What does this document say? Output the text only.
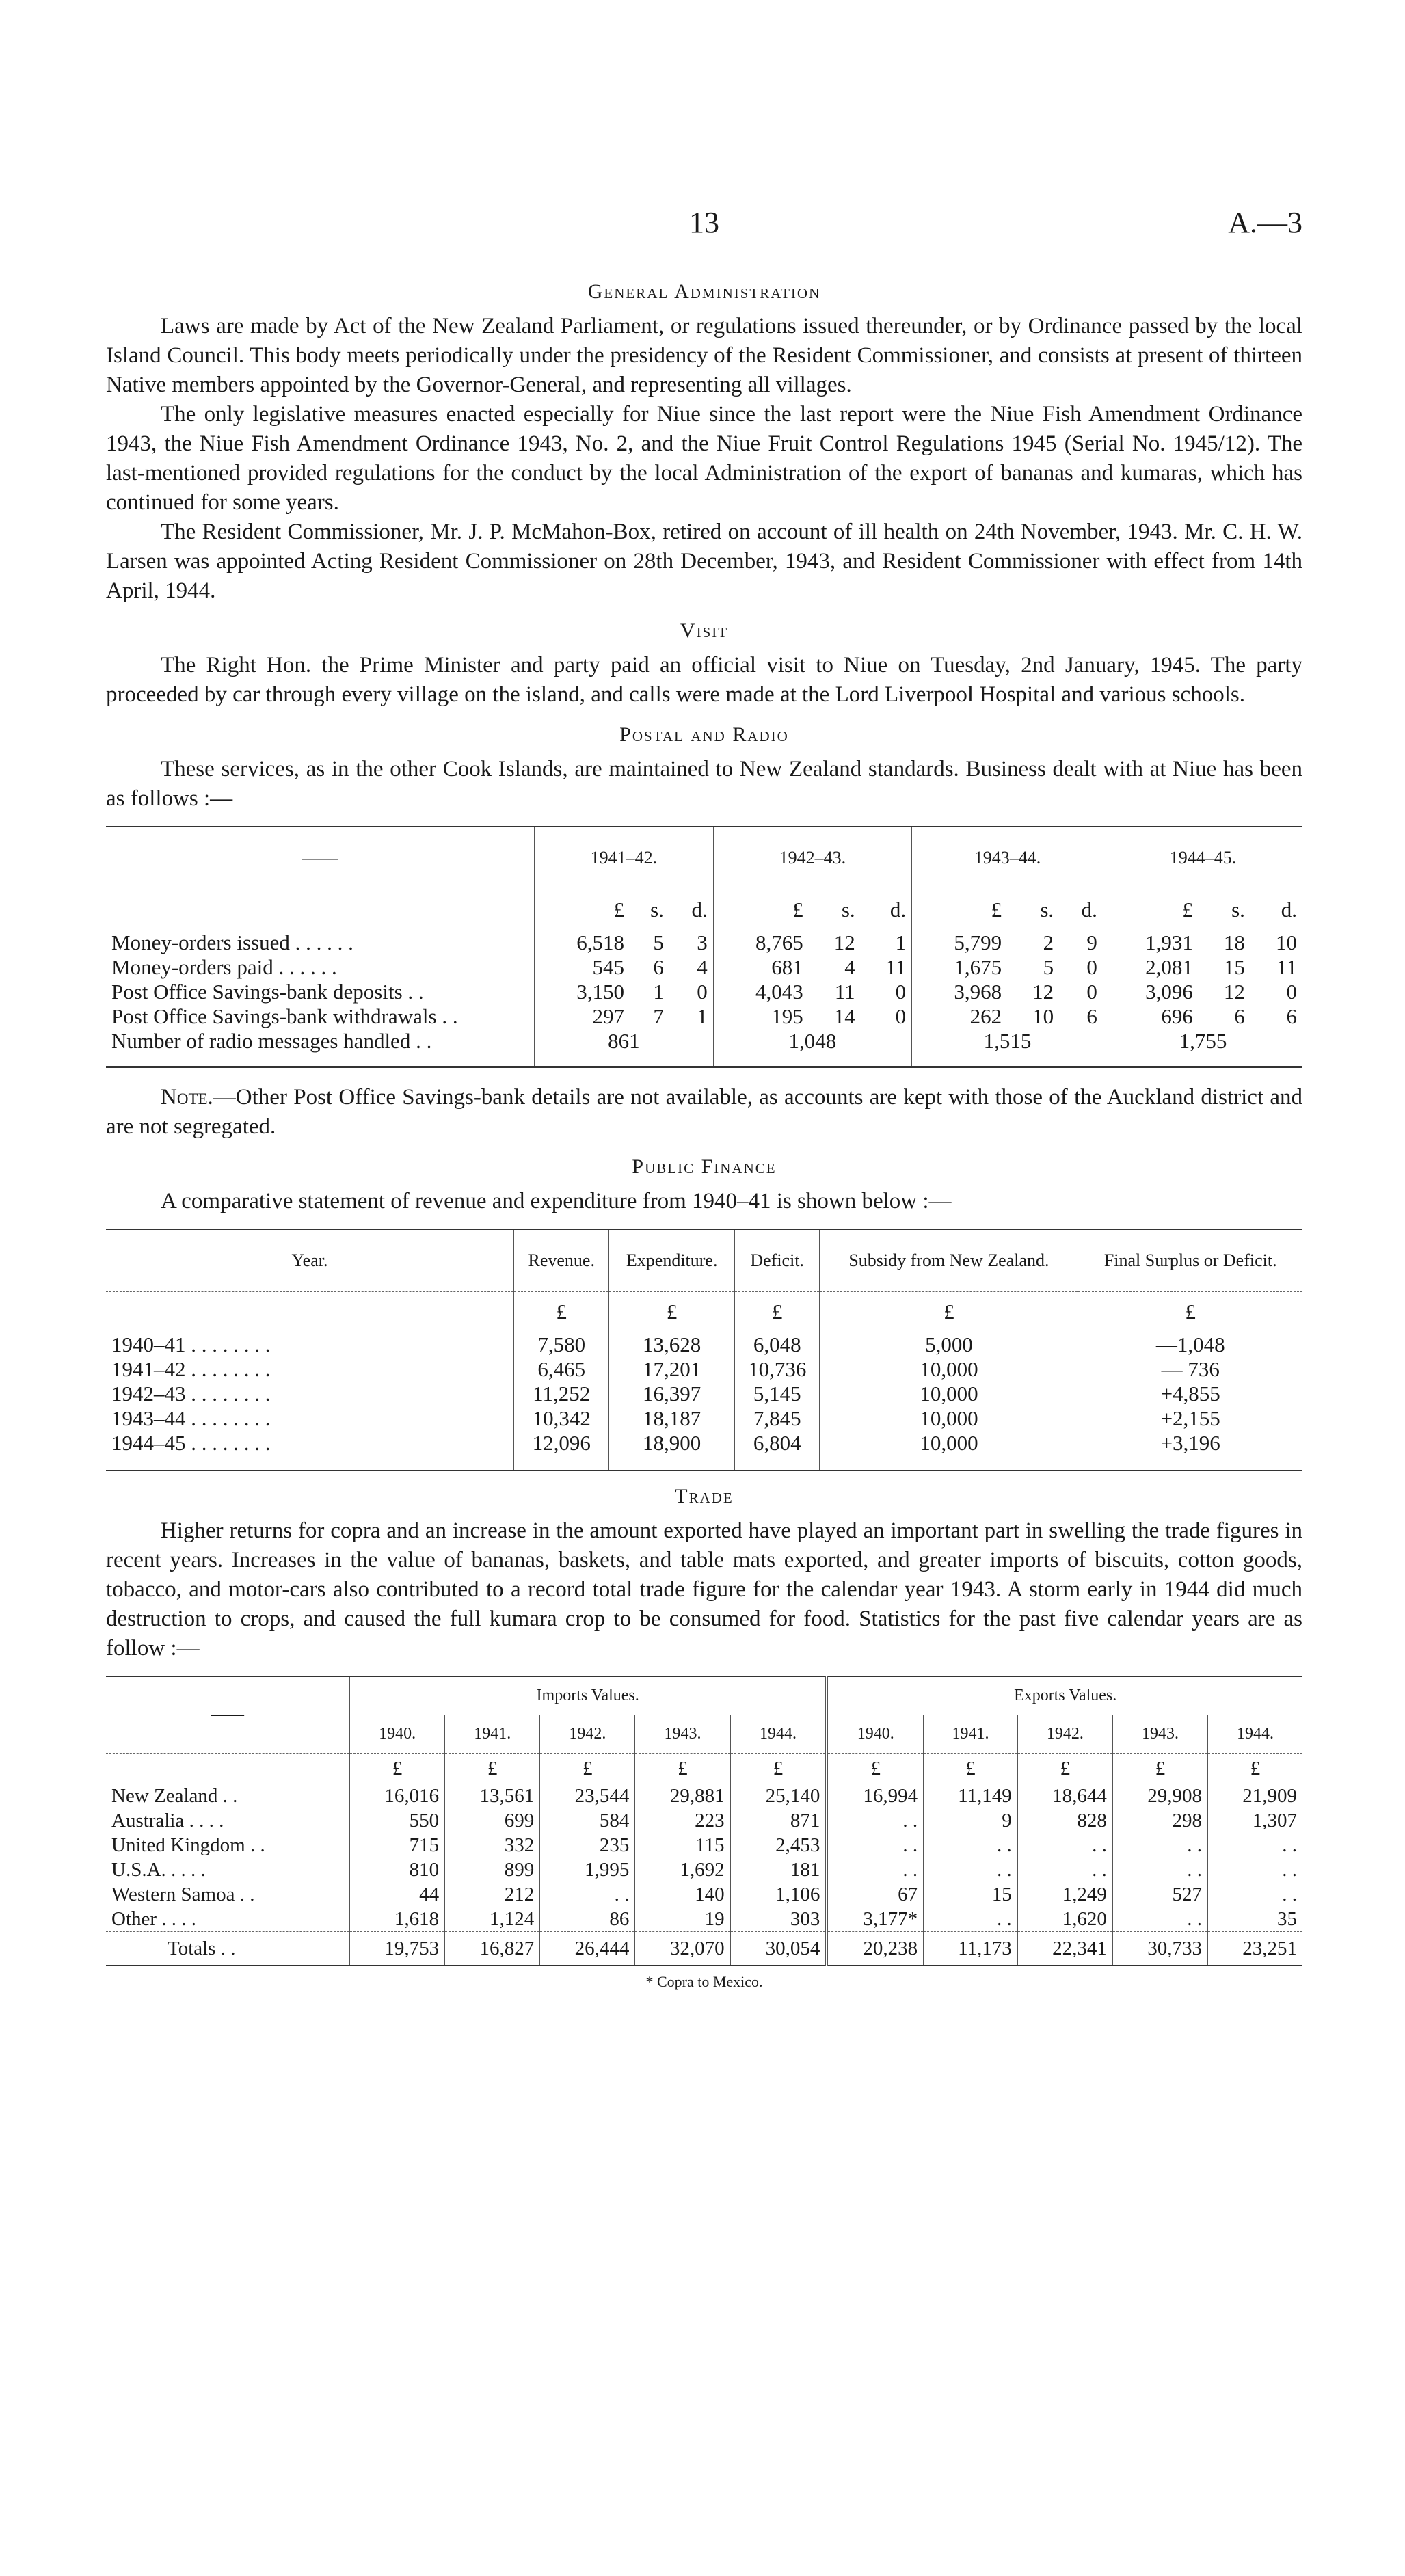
13	A.—3
General Administration

Laws are made by Act of the New Zealand Parliament, or regulations issued thereunder, or by Ordinance passed by the local Island Council. This body meets periodically under the presidency of the Resident Commissioner, and consists at present of thirteen Native members appointed by the Governor-General, and representing all villages.

The only legislative measures enacted especially for Niue since the last report were the Niue Fish Amendment Ordinance 1943, the Niue Fish Amendment Ordinance 1943, No. 2, and the Niue Fruit Control Regulations 1945 (Serial No. 1945/12). The last-mentioned provided regulations for the conduct by the local Administration of the export of bananas and kumaras, which has continued for some years.

The Resident Commissioner, Mr. J. P. McMahon-Box, retired on account of ill health on 24th November, 1943. Mr. C. H. W. Larsen was appointed Acting Resident Commissioner on 28th December, 1943, and Resident Commissioner with effect from 14th April, 1944.

Visit

The Right Hon. the Prime Minister and party paid an official visit to Niue on Tuesday, 2nd January, 1945. The party proceeded by car through every village on the island, and calls were made at the Lord Liverpool Hospital and various schools.

Postal and Radio

These services, as in the other Cook Islands, are maintained to New Zealand standards. Business dealt with at Niue has been as follows :—

——	1941–42.			1942–43.			1943–44.			1944–45.		
	£	s.	d.	£	s.	d.	£	s.	d.	£	s.	d.
Money-orders issued . . . . . .	6,518	5	3	8,765	12	1	5,799	2	9	1,931	18	10
Money-orders paid . . . . . .	545	6	4	681	4	11	1,675	5	0	2,081	15	11
Post Office Savings-bank deposits . .	3,150	1	0	4,043	11	0	3,968	12	0	3,096	12	0
Post Office Savings-bank withdrawals . .	297	7	1	195	14	0	262	10	6	696	6	6
Number of radio messages handled . .	861			1,048			1,515			1,755		

Note.—Other Post Office Savings-bank details are not available, as accounts are kept with those of the Auckland district and are not segregated.

Public Finance

A comparative statement of revenue and expenditure from 1940–41 is shown below :—

Year.	Revenue.	Expenditure.	Deficit.	Subsidy from New Zealand.	Final Surplus or Deficit.
	£	£	£	£	£
1940–41 . . . . . . . .	7,580	13,628	6,048	5,000	—1,048
1941–42 . . . . . . . .	6,465	17,201	10,736	10,000	— 736
1942–43 . . . . . . . .	11,252	16,397	5,145	10,000	+4,855
1943–44 . . . . . . . .	10,342	18,187	7,845	10,000	+2,155
1944–45 . . . . . . . .	12,096	18,900	6,804	10,000	+3,196

Trade

Higher returns for copra and an increase in the amount exported have played an important part in swelling the trade figures in recent years. Increases in the value of bananas, baskets, and table mats exported, and greater imports of biscuits, cotton goods, tobacco, and motor-cars also contributed to a record total trade figure for the calendar year 1943. A storm early in 1944 did much destruction to crops, and caused the full kumara crop to be consumed for food. Statistics for the past five calendar years are as follow :—

——	Imports Values.					Exports Values.				
	1940.	1941.	1942.	1943.	1944.	1940.	1941.	1942.	1943.	1944.
	£	£	£	£	£	£	£	£	£	£
New Zealand . .	16,016	13,561	23,544	29,881	25,140	16,994	11,149	18,644	29,908	21,909
Australia . . . .	550	699	584	223	871	. .	9	828	298	1,307
United Kingdom . .	715	332	235	115	2,453	. .	. .	. .	. .	. .
U.S.A. . . . .	810	899	1,995	1,692	181	. .	. .	. .	. .	. .
Western Samoa . .	44	212	. .	140	1,106	67	15	1,249	527	. .
Other . . . .	1,618	1,124	86	19	303	3,177*	. .	1,620	. .	35
Totals . .	19,753	16,827	26,444	32,070	30,054	20,238	11,173	22,341	30,733	23,251
* Copra to Mexico.
